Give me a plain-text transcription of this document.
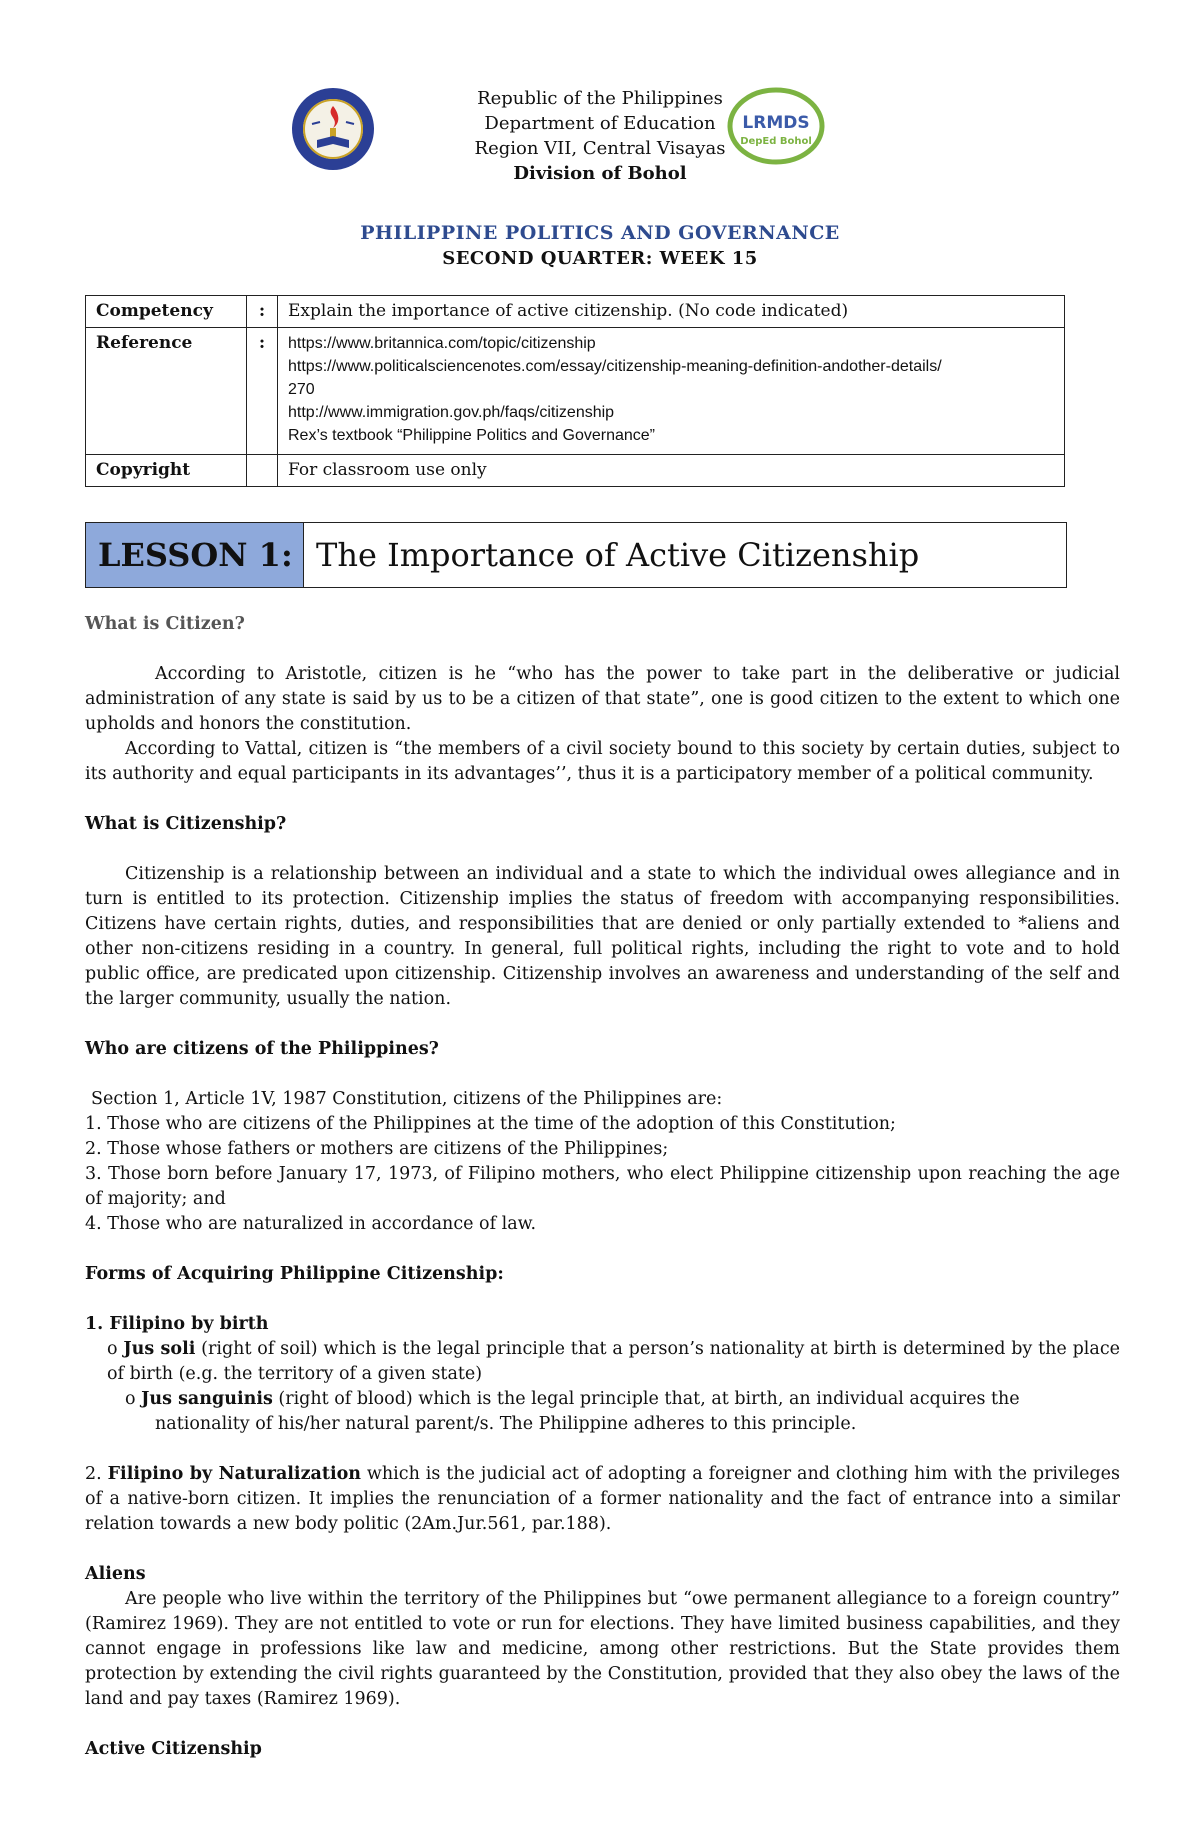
Republic of the Philippines
Department of Education
Region VII, Central Visayas
Division of Bohol
LRMDS
DepEd Bohol
PHILIPPINE POLITICS AND GOVERNANCE
SECOND QUARTER: WEEK 15
Competency	:	Explain the importance of active citizenship. (No code indicated)
Reference	:	https://www.britannica.com/topic/citizenship
https://www.politicalsciencenotes.com/essay/citizenship-meaning-definition-andother-details/
270
http://www.immigration.gov.ph/faqs/citizenship
Rex’s textbook “Philippine Politics and Governance”

Copyright		For classroom use only
LESSON 1: The Importance of Active Citizenship

What is Citizen?

According to Aristotle, citizen is he “who has the power to take part in the deliberative or judicial administration of any state is said by us to be a citizen of that state”, one is good citizen to the extent to which one upholds and honors the constitution.

According to Vattal, citizen is “the members of a civil society bound to this society by certain duties, subject to its authority and equal participants in its advantages’’, thus it is a participatory member of a political community.

What is Citizenship?

Citizenship is a relationship between an individual and a state to which the individual owes allegiance and in turn is entitled to its protection. Citizenship implies the status of freedom with accompanying responsibilities. Citizens have certain rights, duties, and responsibilities that are denied or only partially extended to *aliens and other non-citizens residing in a country. In general, full political rights, including the right to vote and to hold public office, are predicated upon citizenship. Citizenship involves an awareness and understanding of the self and the larger community, usually the nation.

Who are citizens of the Philippines?

Section 1, Article 1V, 1987 Constitution, citizens of the Philippines are:

1. Those who are citizens of the Philippines at the time of the adoption of this Constitution;

2. Those whose fathers or mothers are citizens of the Philippines;

3. Those born before January 17, 1973, of Filipino mothers, who elect Philippine citizenship upon reaching the age of majority; and

4. Those who are naturalized in accordance of law.

Forms of Acquiring Philippine Citizenship:

1. Filipino by birth

o Jus soli (right of soil) which is the legal principle that a person’s nationality at birth is determined by the place of birth (e.g. the territory of a given state)

o Jus sanguinis (right of blood) which is the legal principle that, at birth, an individual acquires the
nationality of his/her natural parent/s. The Philippine adheres to this principle.

2. Filipino by Naturalization which is the judicial act of adopting a foreigner and clothing him with the privileges of a native-born citizen. It implies the renunciation of a former nationality and the fact of entrance into a similar relation towards a new body politic (2Am.Jur.561, par.188).

Aliens

Are people who live within the territory of the Philippines but “owe permanent allegiance to a foreign country” (Ramirez 1969). They are not entitled to vote or run for elections. They have limited business capabilities, and they cannot engage in professions like law and medicine, among other restrictions. But the State provides them protection by extending the civil rights guaranteed by the Constitution, provided that they also obey the laws of the land and pay taxes (Ramirez 1969).

Active Citizenship
